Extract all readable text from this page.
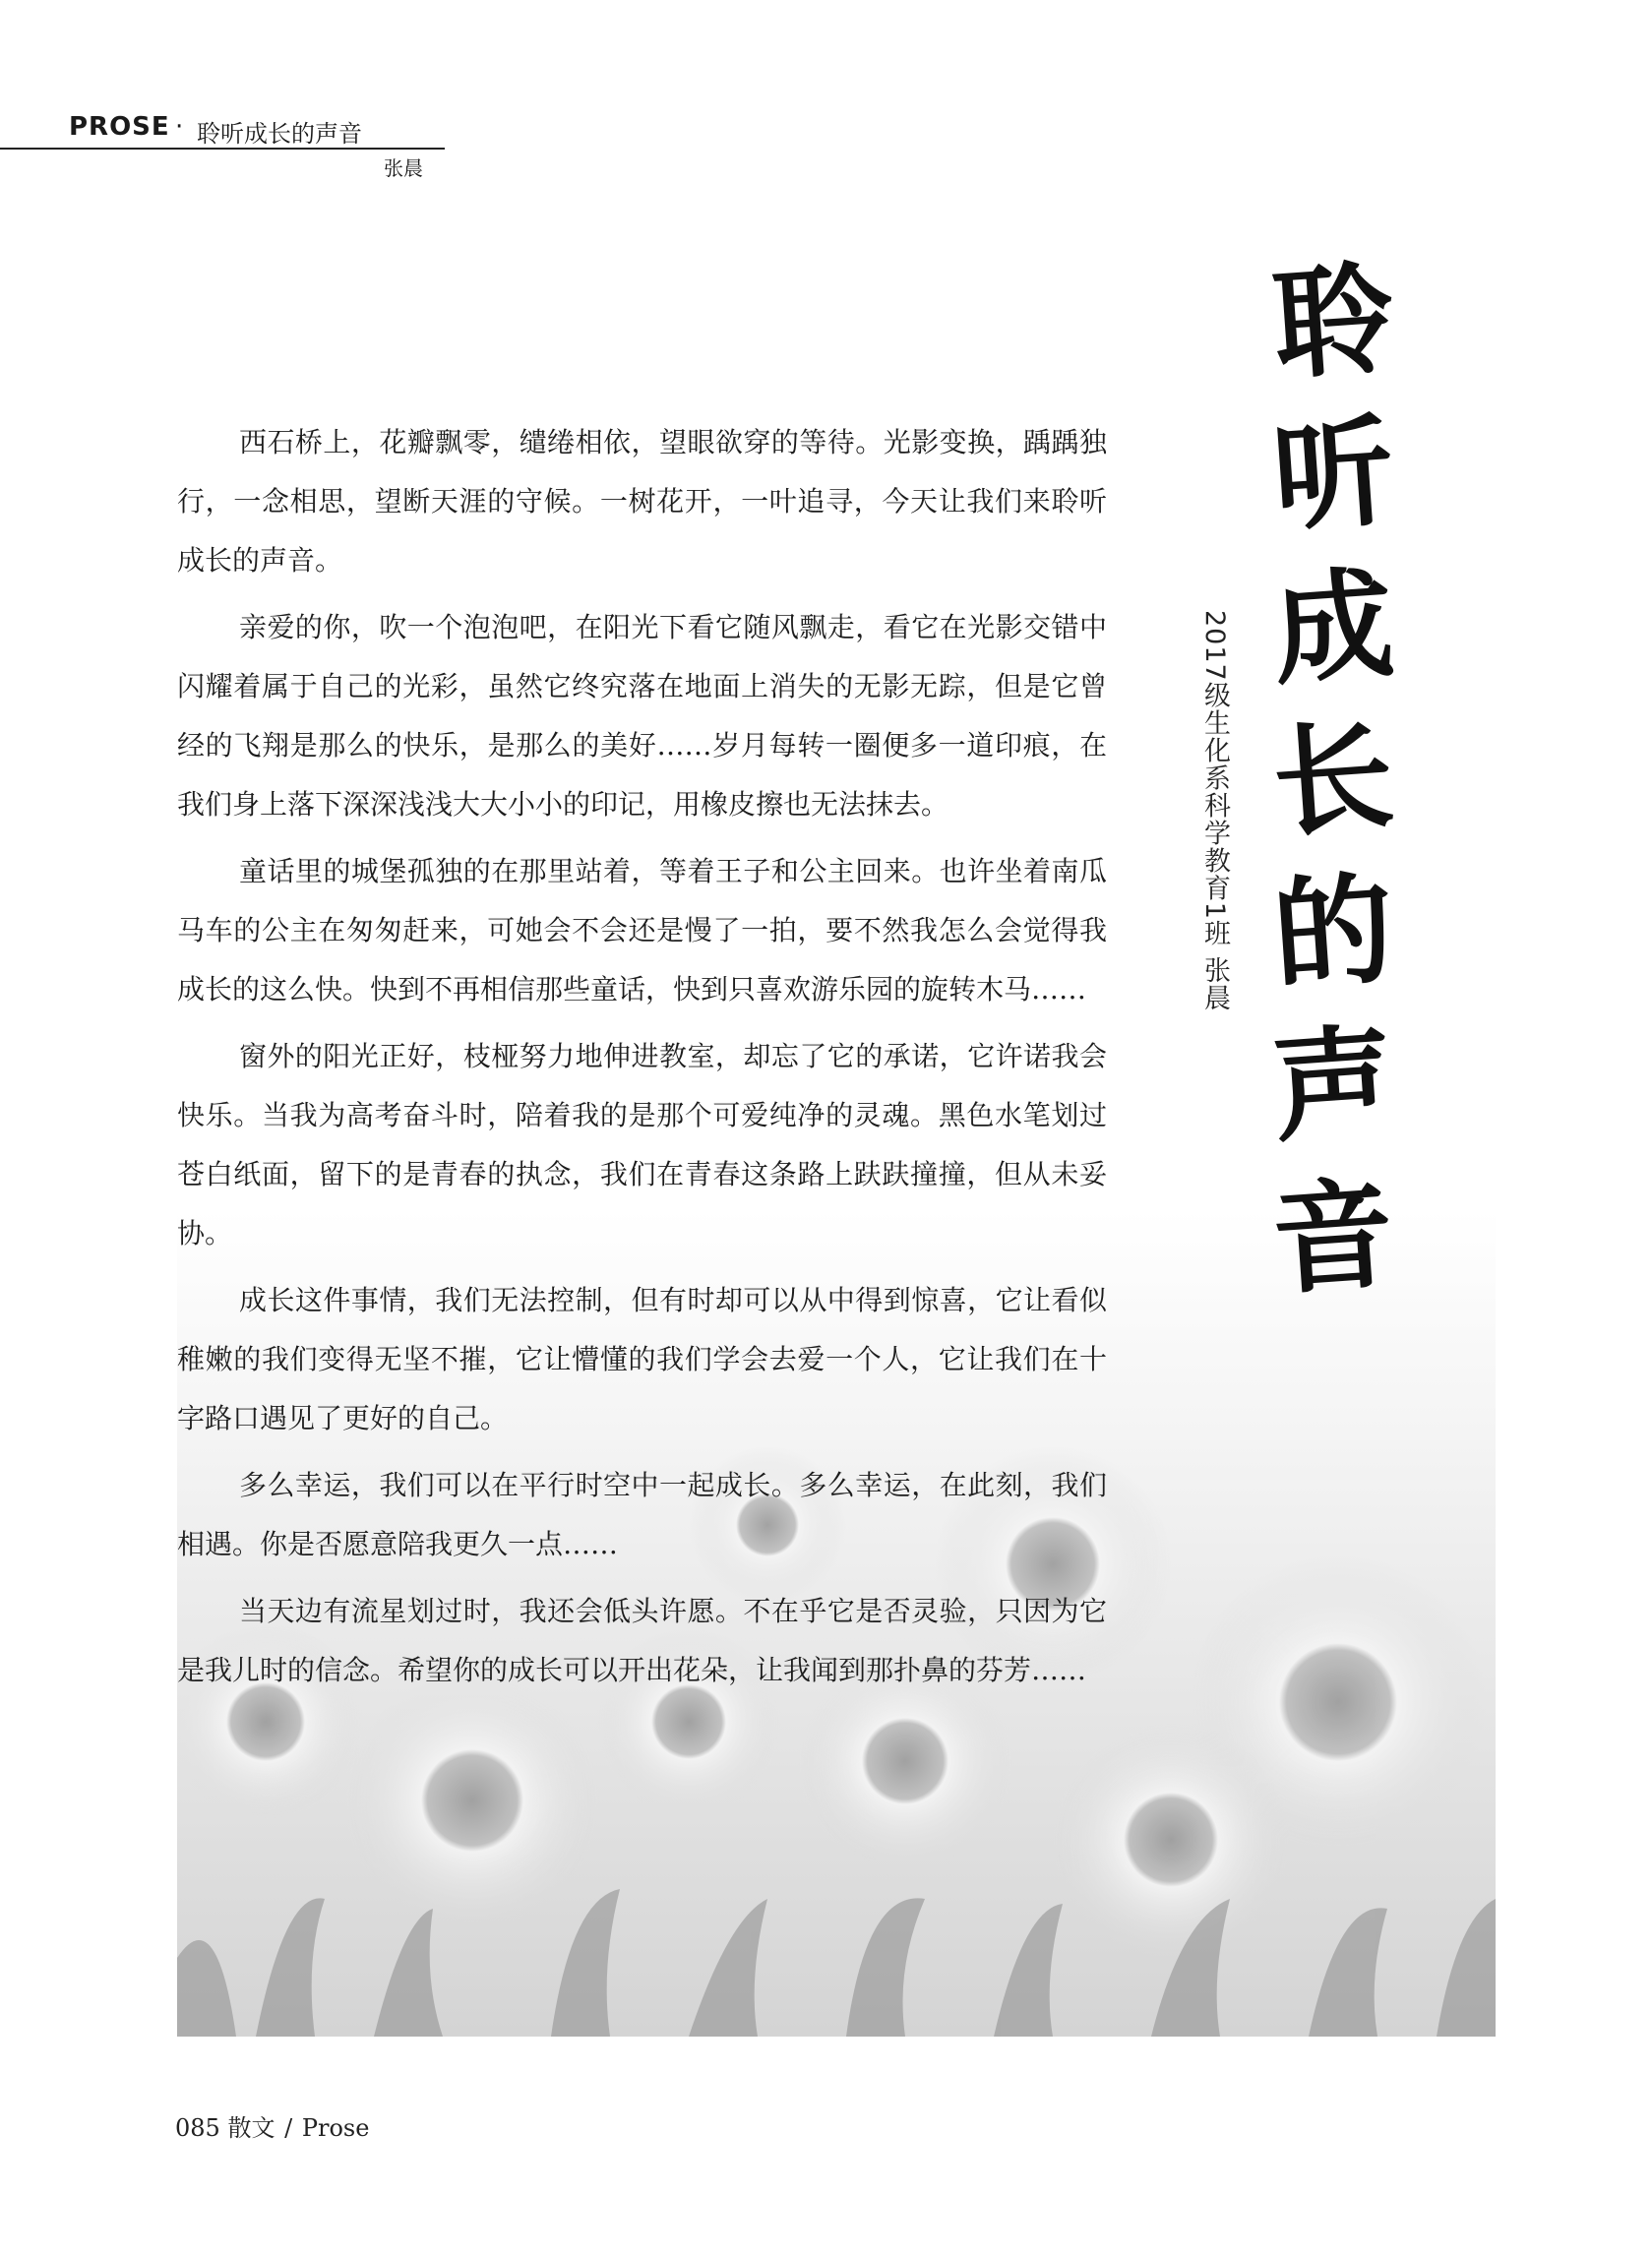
PROSE · 聆听成长的声音
张晨
聆
听
成
长
的
声
音
2017级生化系科学教育1班 张晨

西石桥上，花瓣飘零，缱绻相依，望眼欲穿的等待。光影变换，踽踽独行，一念相思，望断天涯的守候。一树花开，一叶追寻，今天让我们来聆听成长的声音。

亲爱的你，吹一个泡泡吧，在阳光下看它随风飘走，看它在光影交错中闪耀着属于自己的光彩，虽然它终究落在地面上消失的无影无踪，但是它曾经的飞翔是那么的快乐，是那么的美好……岁月每转一圈便多一道印痕，在我们身上落下深深浅浅大大小小的印记，用橡皮擦也无法抹去。

童话里的城堡孤独的在那里站着，等着王子和公主回来。也许坐着南瓜马车的公主在匆匆赶来，可她会不会还是慢了一拍，要不然我怎么会觉得我成长的这么快。快到不再相信那些童话，快到只喜欢游乐园的旋转木马……

窗外的阳光正好，枝桠努力地伸进教室，却忘了它的承诺，它许诺我会快乐。当我为高考奋斗时，陪着我的是那个可爱纯净的灵魂。黑色水笔划过苍白纸面，留下的是青春的执念，我们在青春这条路上趺趺撞撞，但从未妥协。

成长这件事情，我们无法控制，但有时却可以从中得到惊喜，它让看似稚嫩的我们变得无坚不摧，它让懵懂的我们学会去爱一个人，它让我们在十字路口遇见了更好的自己。

多么幸运，我们可以在平行时空中一起成长。多么幸运，在此刻，我们相遇。你是否愿意陪我更久一点……

当天边有流星划过时，我还会低头许愿。不在乎它是否灵验，只因为它是我儿时的信念。希望你的成长可以开出花朵，让我闻到那扑鼻的芬芳……

085 散文 / Prose
